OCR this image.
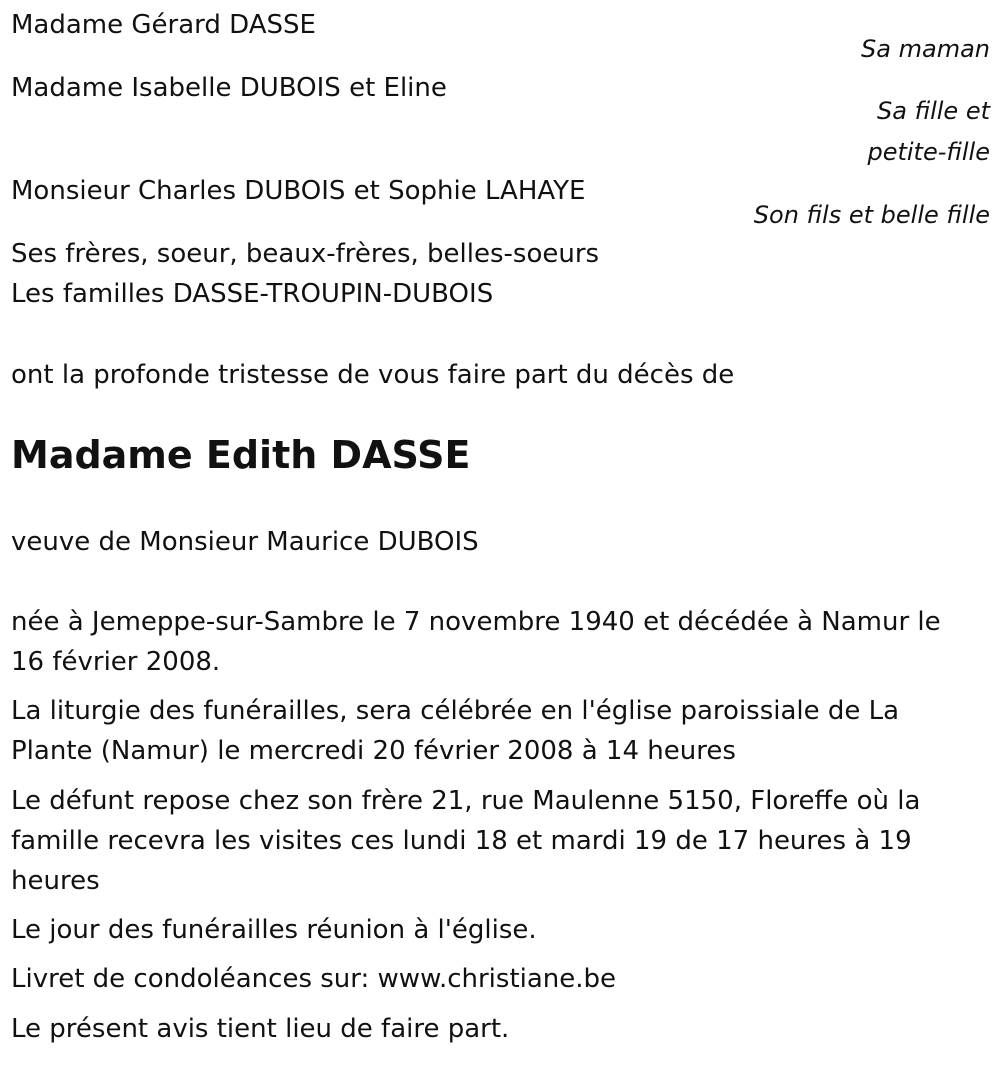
Madame Gérard DASSE
Sa maman
Madame Isabelle DUBOIS et Eline
Sa fille et
petite-fille
Monsieur Charles DUBOIS et Sophie LAHAYE
Son fils et belle fille
Ses frères, soeur, beaux-frères, belles-soeurs
Les familles DASSE-TROUPIN-DUBOIS
ont la profonde tristesse de vous faire part du décès de
Madame Edith DASSE
veuve de Monsieur Maurice DUBOIS
née à Jemeppe-sur-Sambre le 7 novembre 1940 et décédée à Namur le 16 février 2008.
La liturgie des funérailles, sera célébrée en l'église paroissiale de La Plante (Namur) le mercredi 20 février 2008 à 14 heures
Le défunt repose chez son frère 21, rue Maulenne 5150, Floreffe où la famille recevra les visites ces lundi 18 et mardi 19 de 17 heures à 19 heures
Le jour des funérailles réunion à l'église.
Livret de condoléances sur: www.christiane.be
Le présent avis tient lieu de faire part.
